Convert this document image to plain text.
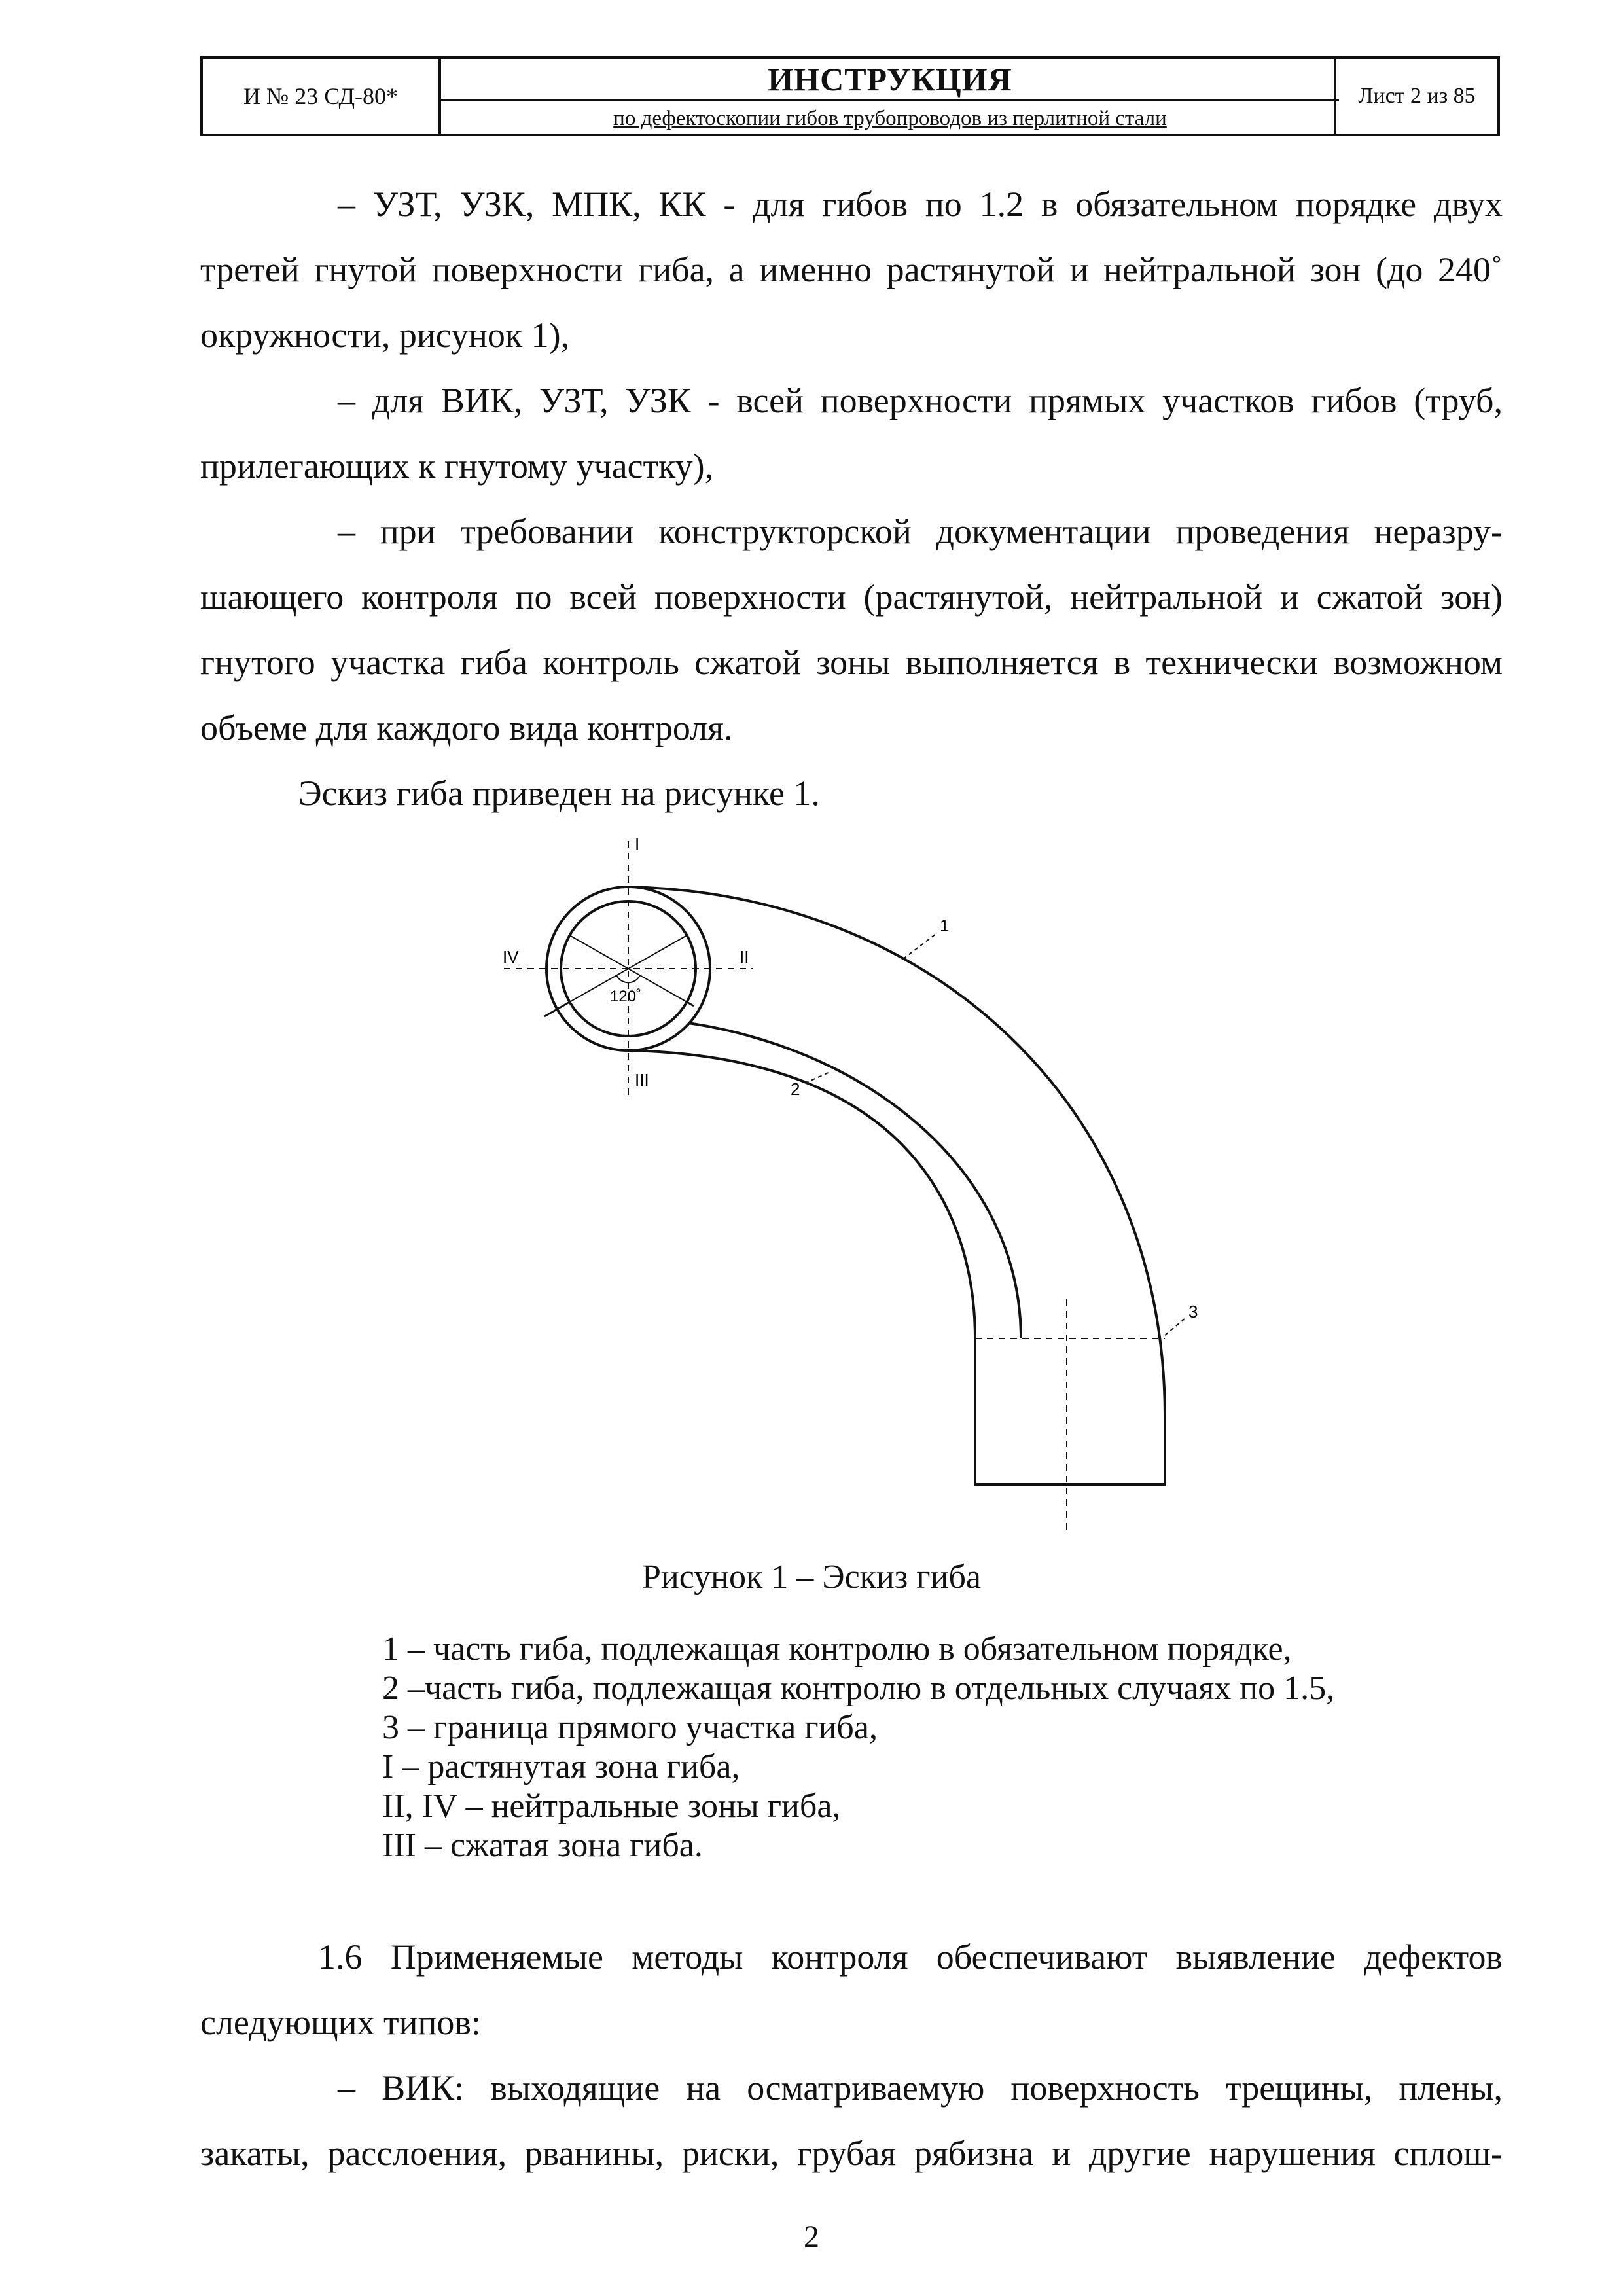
И № 23 СД-80*	ИНСТРУКЦИЯ
по дефектоскопии гибов трубопроводов из перлитной стали
Лист 2 из 85
– УЗТ, УЗК, МПК, КК - для гибов по 1.2 в обязательном порядке двух
третей гнутой поверхности гиба, а именно растянутой и нейтральной зон (до 240˚
окружности, рисунок 1),
– для ВИК, УЗТ, УЗК - всей поверхности прямых участков гибов (труб,
прилегающих к гнутому участку),
– при требовании конструкторской документации проведения неразру-
шающего контроля по всей поверхности (растянутой, нейтральной и сжатой зон)
гнутого участка гиба контроль сжатой зоны выполняется в технически возможном
объеме для каждого вида контроля.
Эскиз гиба приведен на рисунке 1.
I
II
III
IV
120˚
1
2
3
Рисунок 1 – Эскиз гиба
1 – часть гиба, подлежащая контролю в обязательном порядке,
2 –часть гиба, подлежащая контролю в отдельных случаях по 1.5,
3 – граница прямого участка гиба,
I – растянутая зона гиба,
II, IV – нейтральные зоны гиба,
III – сжатая зона гиба.
1.6 Применяемые методы контроля обеспечивают выявление дефектов
следующих типов:
– ВИК: выходящие на осматриваемую поверхность трещины, плены,
закаты, расслоения, рванины, риски, грубая рябизна и другие нарушения сплош-
2
